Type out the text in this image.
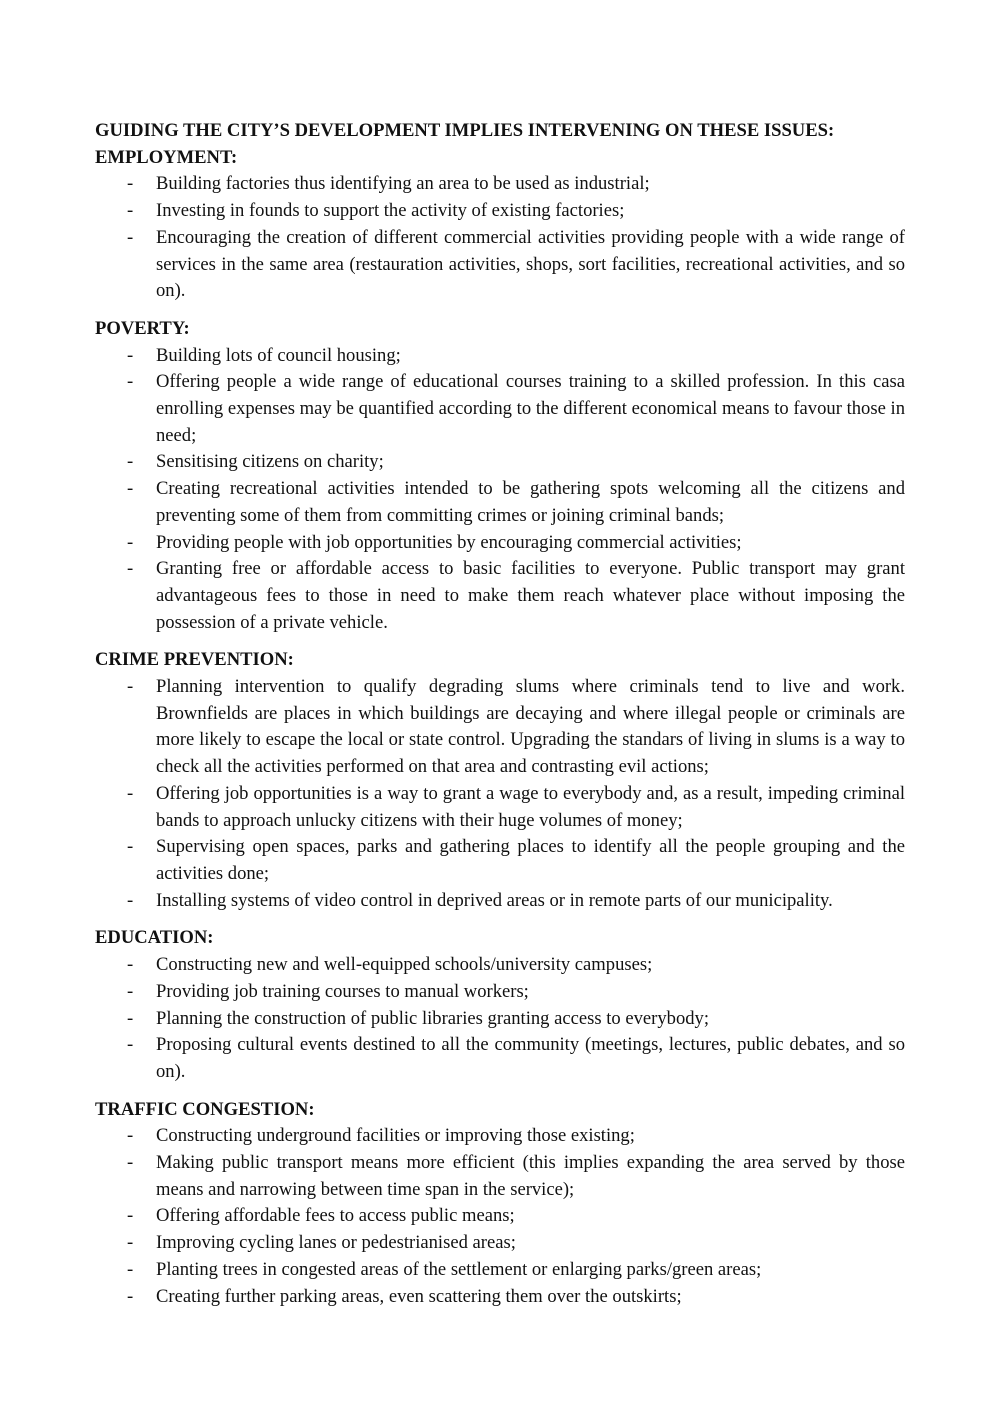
GUIDING THE CITY’S DEVELOPMENT IMPLIES INTERVENING ON THESE ISSUES:
EMPLOYMENT:
- Building factories thus identifying an area to be used as industrial;
- Investing in founds to support the activity of existing factories;
- Encouraging the creation of different commercial activities providing people with a wide range of services in the same area (restauration activities, shops, sort facilities, recreational activities, and so on).
POVERTY:
- Building lots of council housing;
- Offering people a wide range of educational courses training to a skilled profession. In this casa enrolling expenses may be quantified according to the different economical means to favour those in need;
- Sensitising citizens on charity;
- Creating recreational activities intended to be gathering spots welcoming all the citizens and preventing some of them from committing crimes or joining criminal bands;
- Providing people with job opportunities by encouraging commercial activities;
- Granting free or affordable access to basic facilities to everyone. Public transport may grant advantageous fees to those in need to make them reach whatever place without imposing the possession of a private vehicle.
CRIME PREVENTION:
- Planning intervention to qualify degrading slums where criminals tend to live and work. Brownfields are places in which buildings are decaying and where illegal people or criminals are more likely to escape the local or state control. Upgrading the standars of living in slums is a way to check all the activities performed on that area and contrasting evil actions;
- Offering job opportunities is a way to grant a wage to everybody and, as a result, impeding criminal bands to approach unlucky citizens with their huge volumes of money;
- Supervising open spaces, parks and gathering places to identify all the people grouping and the activities done;
- Installing systems of video control in deprived areas or in remote parts of our municipality.
EDUCATION:
- Constructing new and well-equipped schools/university campuses;
- Providing job training courses to manual workers;
- Planning the construction of public libraries granting access to everybody;
- Proposing cultural events destined to all the community (meetings, lectures, public debates, and so on).
TRAFFIC CONGESTION:
- Constructing underground facilities or improving those existing;
- Making public transport means more efficient (this implies expanding the area served by those means and narrowing between time span in the service);
- Offering affordable fees to access public means;
- Improving cycling lanes or pedestrianised areas;
- Planting trees in congested areas of the settlement or enlarging parks/green areas;
- Creating further parking areas, even scattering them over the outskirts;
